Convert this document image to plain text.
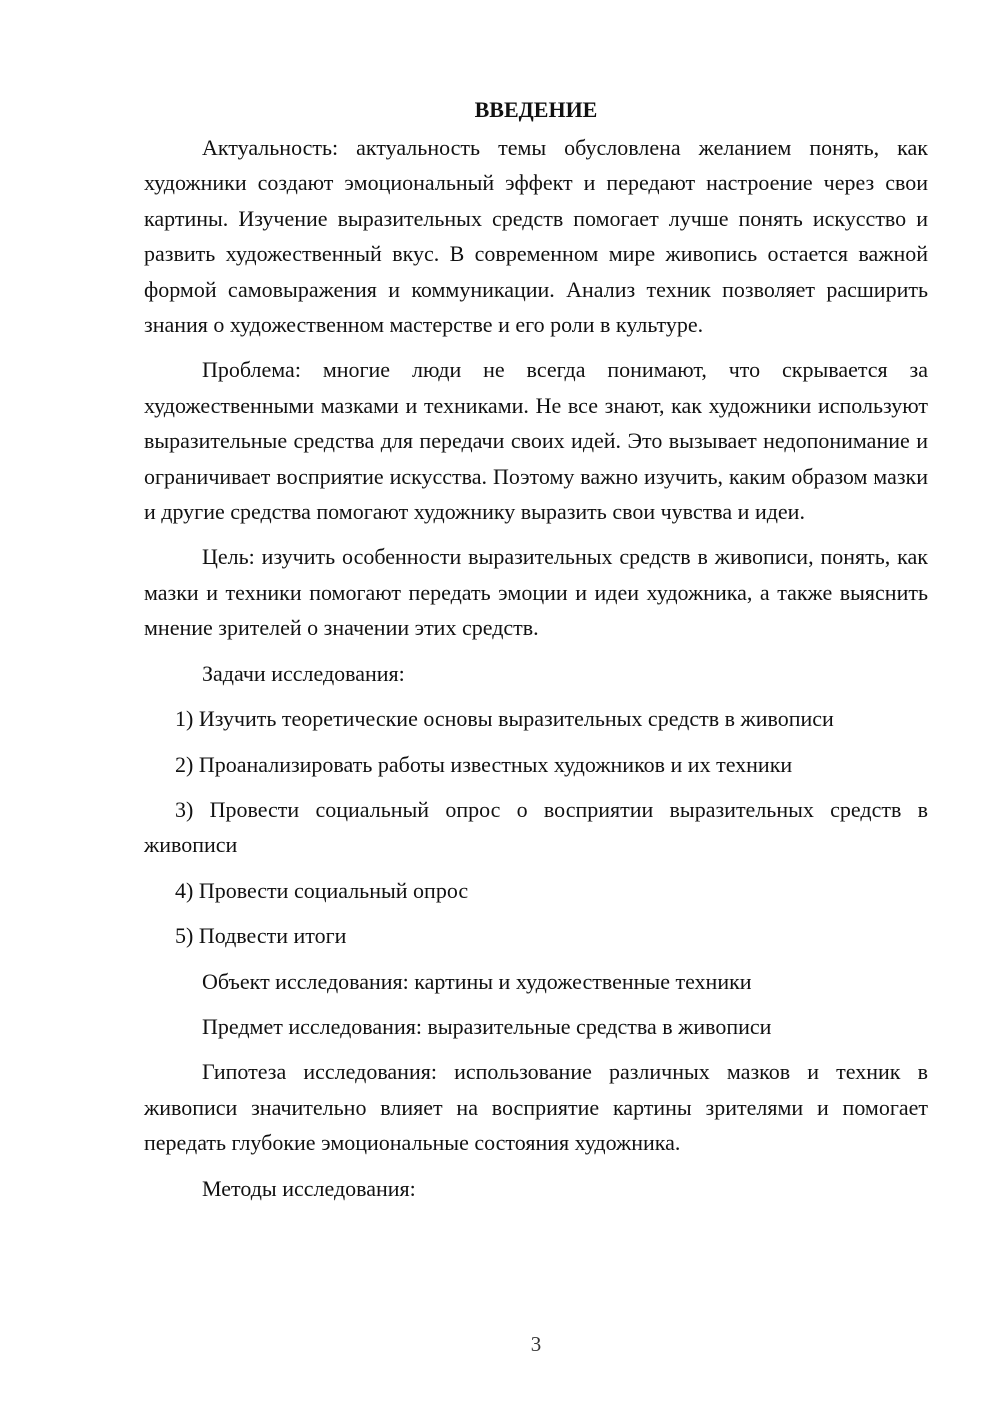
ВВЕДЕНИЕ

Актуальность: актуальность темы обусловлена желанием понять, как художники создают эмоциональный эффект и передают настроение через свои картины. Изучение выразительных средств помогает лучше понять искусство и развить художественный вкус. В современном мире живопись остается важной формой самовыражения и коммуникации. Анализ техник позволяет расширить знания о художественном мастерстве и его роли в культуре.

Проблема: многие люди не всегда понимают, что скрывается за художественными мазками и техниками. Не все знают, как художники используют выразительные средства для передачи своих идей. Это вызывает недопонимание и ограничивает восприятие искусства. Поэтому важно изучить, каким образом мазки и другие средства помогают художнику выразить свои чувства и идеи.

Цель: изучить особенности выразительных средств в живописи, понять, как мазки и техники помогают передать эмоции и идеи художника, а также выяснить мнение зрителей о значении этих средств.

Задачи исследования:

1) Изучить теоретические основы выразительных средств в живописи

2) Проанализировать работы известных художников и их техники

3) Провести социальный опрос о восприятии выразительных средств в живописи

4) Провести социальный опрос

5) Подвести итоги

Объект исследования: картины и художественные техники

Предмет исследования: выразительные средства в живописи

Гипотеза исследования: использование различных мазков и техник в живописи значительно влияет на восприятие картины зрителями и помогает передать глубокие эмоциональные состояния художника.

Методы исследования:

3
